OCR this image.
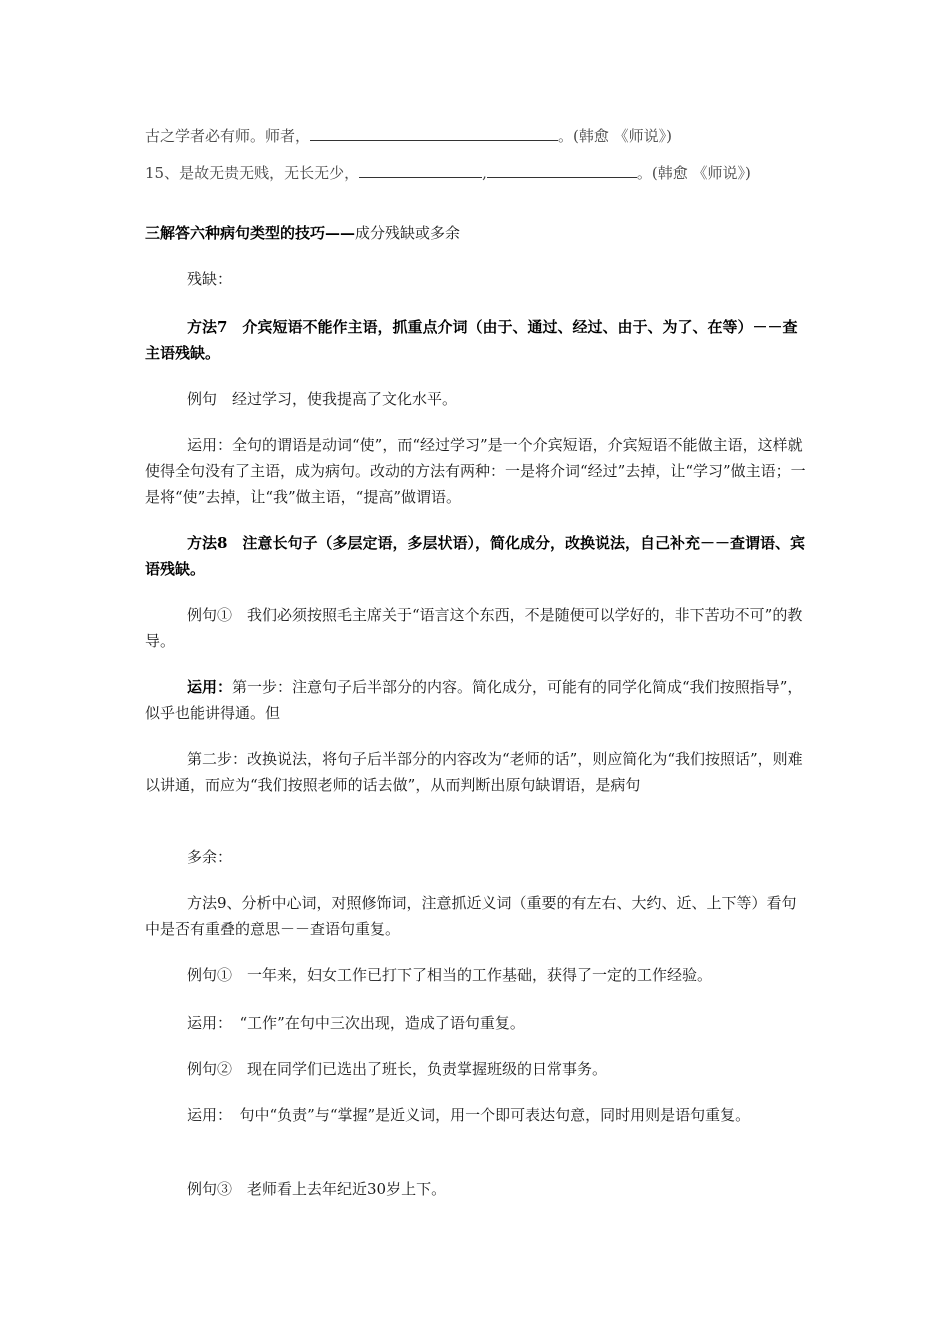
古之学者必有师。师者，	。(韩愈 《师说》)

15、是故无贵无贱，无长无少，	,	。(韩愈 《师说》)

三解答六种病句类型的技巧——成分残缺或多余

残缺：

方法7　介宾短语不能作主语，抓重点介词（由于、通过、经过、由于、为了、在等）－－查主语残缺。

例句　经过学习，使我提高了文化水平。

运用：全句的谓语是动词“使”，而“经过学习”是一个介宾短语，介宾短语不能做主语，这样就使得全句没有了主语，成为病句。改动的方法有两种：一是将介词“经过”去掉，让“学习”做主语；一是将“使”去掉，让“我”做主语，“提高”做谓语。

方法8　注意长句子（多层定语，多层状语），简化成分，改换说法，自己补充－－查谓语、宾语残缺。

例句①　我们必须按照毛主席关于“语言这个东西，不是随便可以学好的，非下苦功不可”的教导。

运用：第一步：注意句子后半部分的内容。简化成分，可能有的同学化简成“我们按照指导”，似乎也能讲得通。但

第二步：改换说法，将句子后半部分的内容改为“老师的话”，则应简化为“我们按照话”，则难以讲通，而应为“我们按照老师的话去做”，从而判断出原句缺谓语，是病句

多余：

方法9、分析中心词，对照修饰词，注意抓近义词（重要的有左右、大约、近、上下等）看句中是否有重叠的意思－－查语句重复。

例句①　一年来，妇女工作已打下了相当的工作基础，获得了一定的工作经验。

运用：　“工作”在句中三次出现，造成了语句重复。

例句②　现在同学们已选出了班长，负责掌握班级的日常事务。

运用：　句中“负责”与“掌握”是近义词，用一个即可表达句意，同时用则是语句重复。

例句③　老师看上去年纪近30岁上下。
